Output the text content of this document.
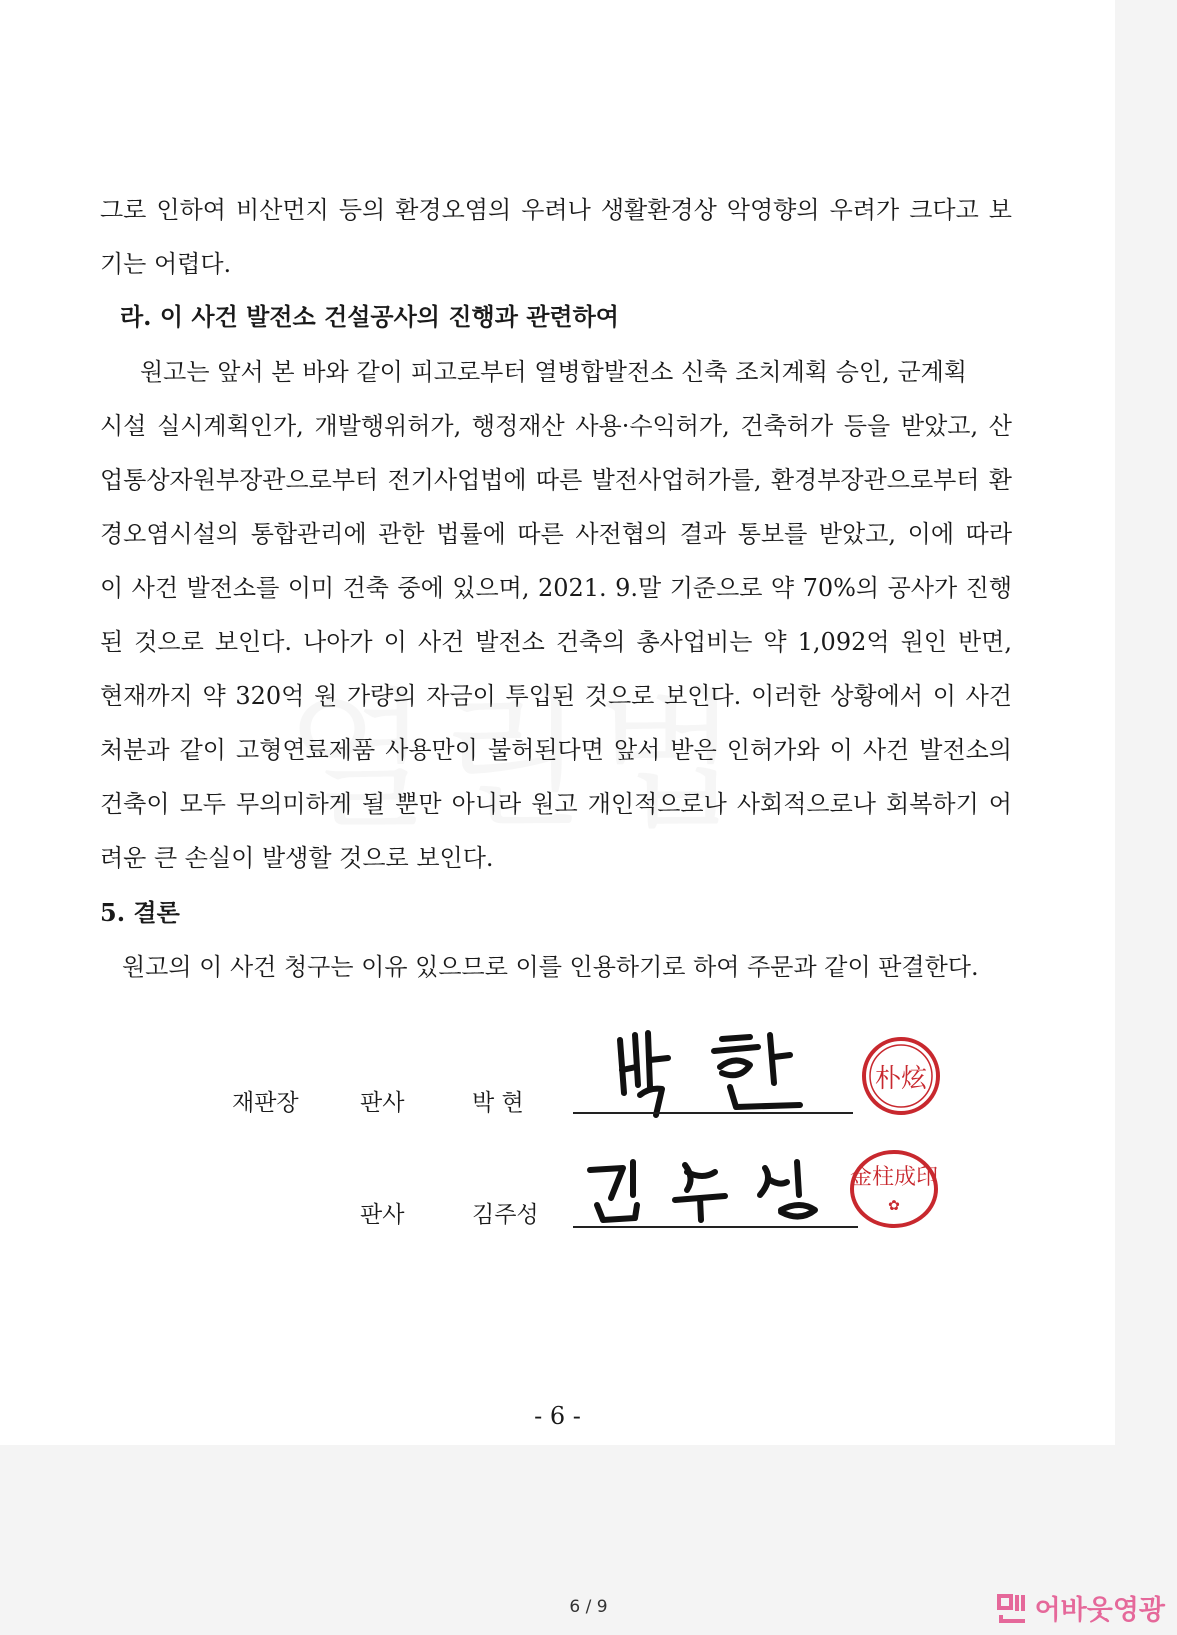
그로 인하여 비산먼지 등의 환경오염의 우려나 생활환경상 악영향의 우려가 크다고 보
기는 어렵다.
라. 이 사건 발전소 건설공사의 진행과 관련하여
원고는 앞서 본 바와 같이 피고로부터 열병합발전소 신축 조치계획 승인, 군계획
시설 실시계획인가, 개발행위허가, 행정재산 사용·수익허가, 건축허가 등을 받았고, 산
업통상자원부장관으로부터 전기사업법에 따른 발전사업허가를, 환경부장관으로부터 환
경오염시설의 통합관리에 관한 법률에 따른 사전협의 결과 통보를 받았고, 이에 따라
이 사건 발전소를 이미 건축 중에 있으며, 2021. 9.말 기준으로 약 70%의 공사가 진행
된 것으로 보인다. 나아가 이 사건 발전소 건축의 총사업비는 약 1,092억 원인 반면,
현재까지 약 320억 원 가량의 자금이 투입된 것으로 보인다. 이러한 상황에서 이 사건
처분과 같이 고형연료제품 사용만이 불허된다면 앞서 받은 인허가와 이 사건 발전소의
건축이 모두 무의미하게 될 뿐만 아니라 원고 개인적으로나 사회적으로나 회복하기 어
려운 큰 손실이 발생할 것으로 보인다.
5. 결론
원고의 이 사건 청구는 이유 있으므로 이를 인용하기로 하여 주문과 같이 판결한다.
재판장	판사	박 현
朴炫
판사	김주성
金柱成印
✿
- 6 -
6 / 9	어바웃영광
